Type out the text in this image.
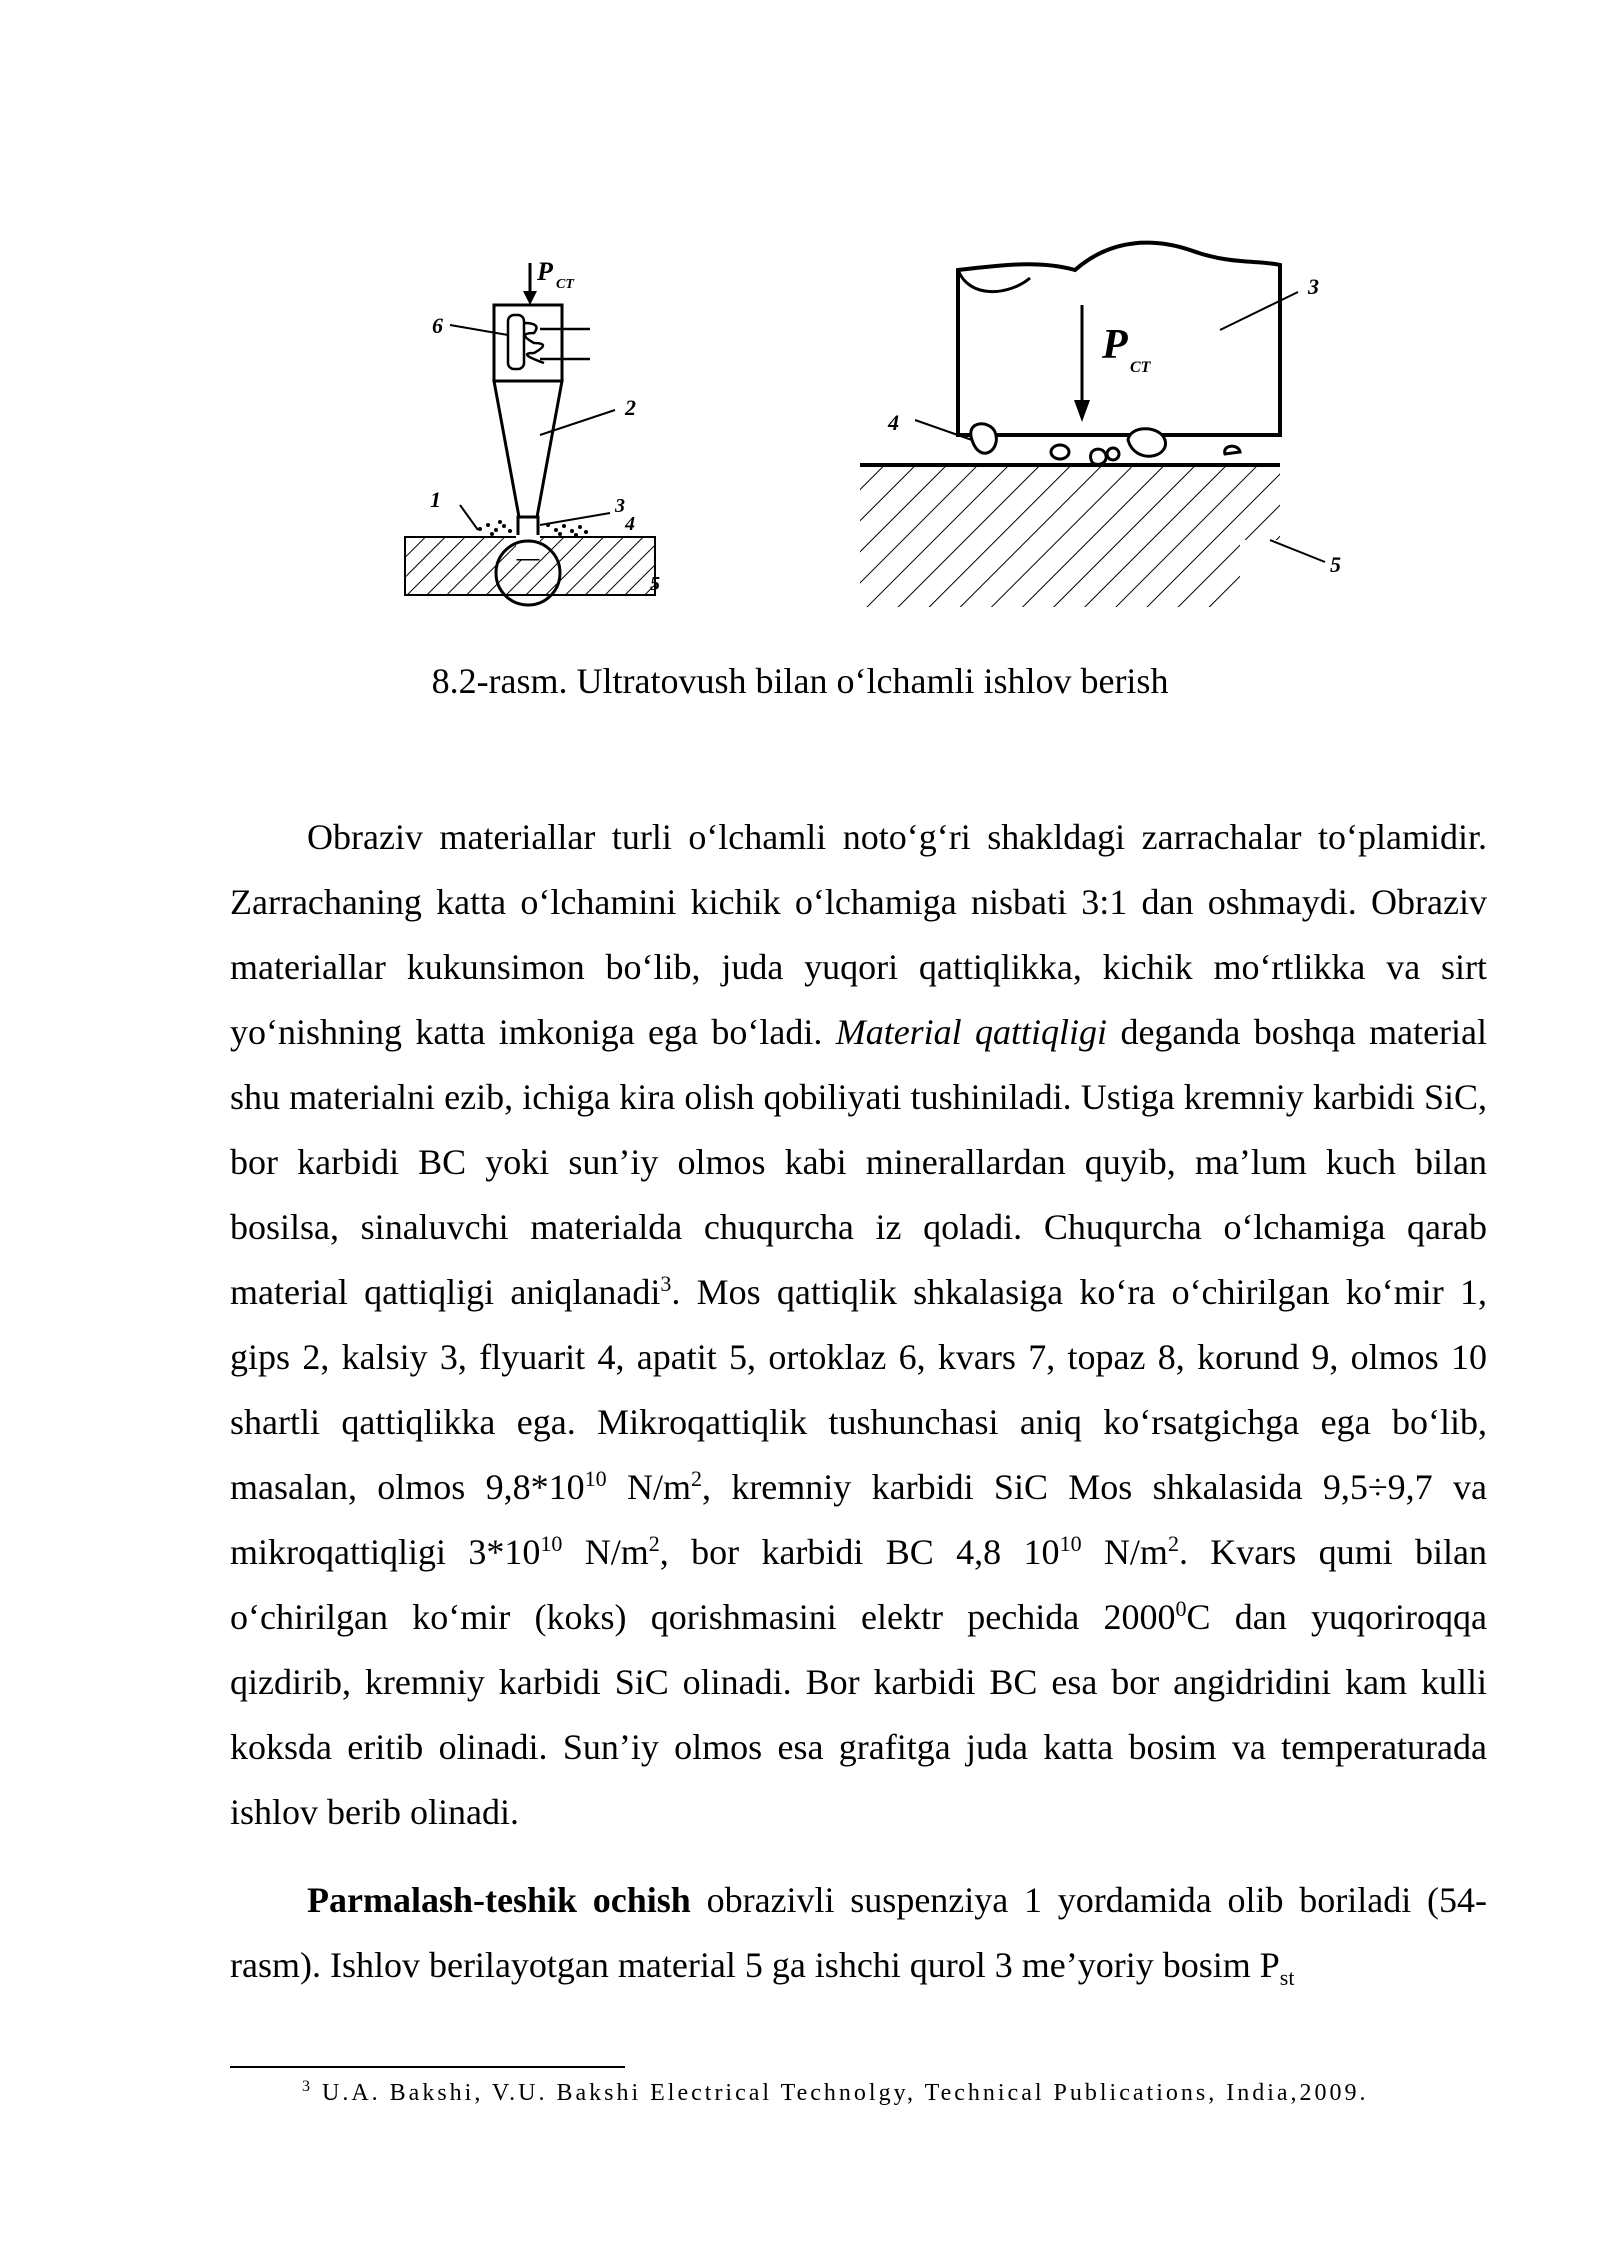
P CT
6
2
1	3
4
5
P CT
3
4
5
8.2-rasm. Ultratovush bilan o‘lchamli ishlov berish

Obraziv materiallar turli o‘lchamli noto‘g‘ri shakldagi zarrachalar to‘plamidir. Zarrachaning katta o‘lchamini kichik o‘lchamiga nisbati 3:1 dan oshmaydi. Obraziv materiallar kukunsimon bo‘lib, juda yuqori qattiqlikka, kichik mo‘rtlikka va sirt yo‘nishning katta imkoniga ega bo‘ladi. Material qattiqligi deganda boshqa material shu materialni ezib, ichiga kira olish qobiliyati tushiniladi. Ustiga kremniy karbidi SiC, bor karbidi BC yoki sun’iy olmos kabi minerallardan quyib, ma’lum kuch bilan bosilsa, sinaluvchi materialda chuqurcha iz qoladi. Chuqurcha o‘lchamiga qarab material qattiqligi aniqlanadi$^3$. Mos qattiqlik shkalasiga ko‘ra o‘chirilgan ko‘mir 1, gips 2, kalsiy 3, flyuarit 4, apatit 5, ortoklaz 6, kvars 7, topaz 8, korund 9, olmos 10 shartli qattiqlikka ega. Mikroqattiqlik tushunchasi aniq ko‘rsatgichga ega bo‘lib, masalan, olmos $9,8*10^{10}$ $N/m^2$, kremniy karbidi SiC Mos shkalasida 9,5÷9,7 va mikroqattiqligi $3*10^{10}$ $N/m^2$, bor karbidi BC 4,8 $10^{10}$ $N/m^2$. Kvars qumi bilan o‘chirilgan ko‘mir (koks) qorishmasini elektr pechida 2000$^0$C dan yuqoriroqqa qizdirib, kremniy karbidi SiC olinadi. Bor karbidi BC esa bor angidridini kam kulli koksda eritib olinadi. Sun’iy olmos esa grafitga juda katta bosim va temperaturada ishlov berib olinadi.

Parmalash-teshik ochish obrazivli suspenziya 1 yordamida olib boriladi (54-rasm). Ishlov berilayotgan material 5 ga ishchi qurol 3 me’yoriy bosim $P_{st}$

$^3$ U.A. Bakshi, V.U. Bakshi Electrical Technolgy, Technical Publications, India,2009.
